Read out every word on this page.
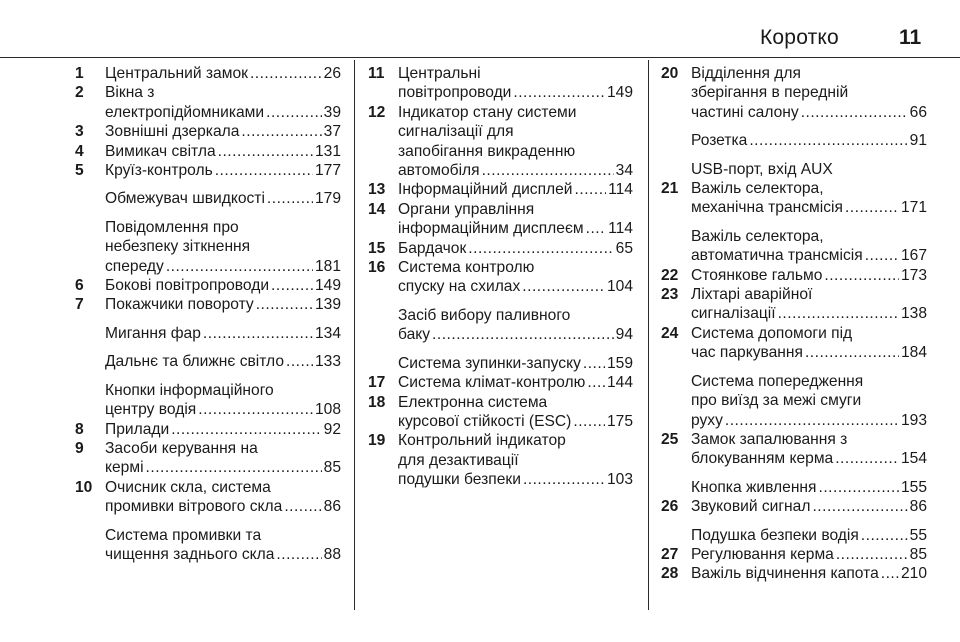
Коротко	11
1 Центральний замок .....	26
2 Вікна з
електропідйомниками .....	39
3 Зовнішні дзеркала .....	37
4 Вимикач світла .....	131
5 Круїз-контроль .....	177
Обмежувач швидкості .....	179
Повідомлення про
небезпеку зіткнення
спереду .....	181
6 Бокові повітропроводи .....	149
7 Покажчики повороту .....	139
Мигання фар .....	134
Дальнє та ближнє світло ..... 133
Кнопки інформаційного
центру водія .....	108
8 Прилади .....	92
9 Засоби керування на
кермі .....	85
10 Очисник скла, система
промивки вітрового скла .....	86
Система промивки та
чищення заднього скла .....	88
11 Центральні
повітропроводи .....	149
12 Індикатор стану системи
сигналізації для
запобігання викраденню
автомобіля .....	34
13 Інформаційний дисплей ..... 114
14 Органи управління
інформаційним дисплеєм ..... 114
15 Бардачок .....	65
16 Система контролю
спуску на схилах .....	104
Засіб вибору паливного
баку .....	94
Система зупинки-запуску ..... 159
17 Система клімат-контролю ..... 144
18 Електронна система
курсової стійкості (ESC) ..... 175
19 Контрольний індикатор
для дезактивації
подушки безпеки .....	103
20 Відділення для
зберігання в передній
частині салону .....	66
Розетка .....	91
USB-порт, вхід AUX
21 Важіль селектора,
механічна трансмісія .....	171
Важіль селектора,
автоматична трансмісія ..... 167
22 Стоянкове гальмо .....	173
23 Ліхтарі аварійної
сигналізації .....	138
24 Система допомоги під
час паркування .....	184
Система попередження
про виїзд за межі смуги
руху .....	193
25 Замок запалювання з
блокуванням керма .....	154
Кнопка живлення .....	155
26 Звуковий сигнал .....	86
Подушка безпеки водія .....	55
27 Регулювання керма .....	85
28 Важіль відчинення капота ..... 210
